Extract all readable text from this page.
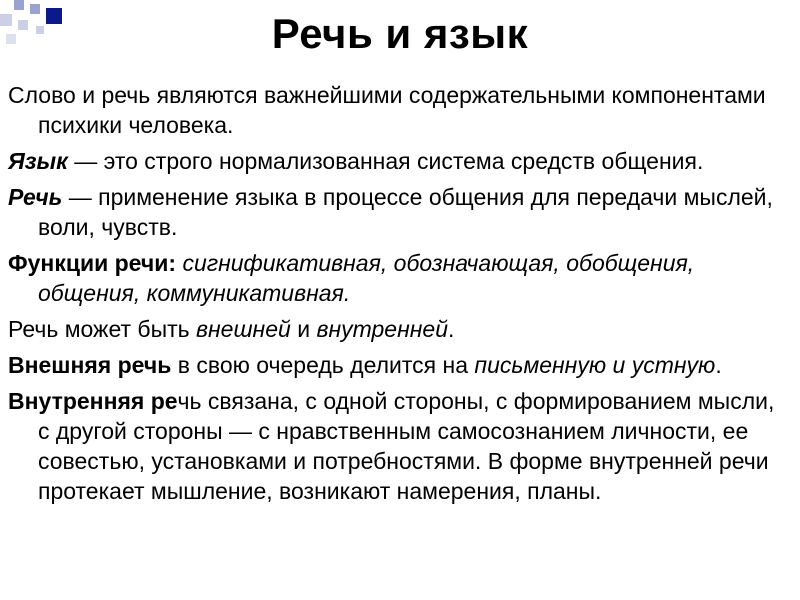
Речь и язык

Слово и речь являются важнейшими содержательными компонентами психики человека.

Язык — это строго нормализованная система средств общения.

Речь — применение языка в процессе общения для передачи мыслей, воли, чувств.

Функции речи: сигнификативная, обозначающая, обобщения, общения, коммуникативная.

Речь может быть внешней и внутренней.

Внешняя речь в свою очередь делится на письменную и устную.

Внутренняя речь связана, с одной стороны, с формированием мысли, с другой стороны — с нравственным самосознанием личности, ее совестью, установками и потребностями. В форме внутренней речи протекает мышление, возникают намерения, планы.
